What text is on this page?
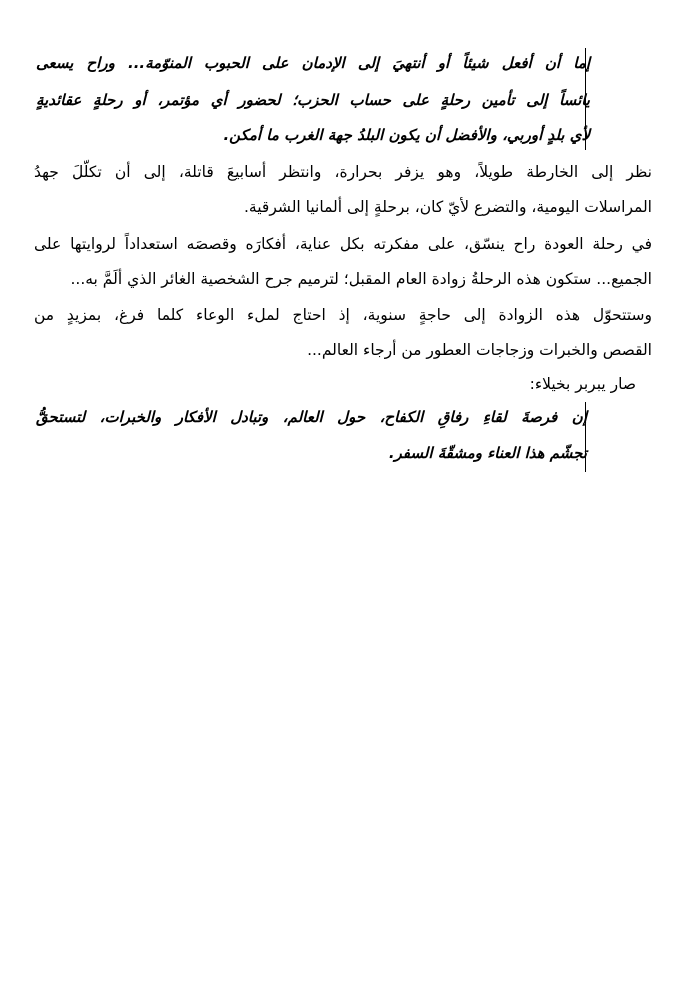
إما أن أفعل شيئاً أو أنتهيَ إلى الإدمان على الحبوب المنوّمة... وراح يسعى
يائساً إلى تأمين رحلةٍ على حساب الحزب؛ لحضور أي مؤتمر، أو رحلةٍ عقائديةٍ
لأي بلدٍ أوربي، والأفضل أن يكون البلدُ جهة الغرب ما أمكن.
نظر إلى الخارطة طويلاً، وهو يزفر بحرارة، وانتظر أسابيعَ قاتلة، إلى أن تكلّلَ جهدُ
المراسلات اليومية، والتضرع لأيّ كان، برحلةٍ إلى ألمانيا الشرقية.
في رحلة العودة راح ينسّق، على مفكرته بكل عناية، أفكارَه وقصصَه استعداداً لروايتها على
الجميع... ستكون هذه الرحلةُ زوادة العام المقبل؛ لترميم جرح الشخصية الغائر الذي ألَمَّ به...
وستتحوّل هذه الزوادة إلى حاجةٍ سنوية، إذ احتاج لملء الوعاء كلما فرغ، بمزيدٍ من
القصص والخبرات وزجاجات العطور من أرجاء العالم...
صار يبربر بخيلاء:
إن فرصةَ لقاءِ رفاقِ الكفاح، حول العالم، وتبادل الأفكار والخبرات، لتستحقُّ
تجشّم هذا العناء ومشقّةَ السفر.
